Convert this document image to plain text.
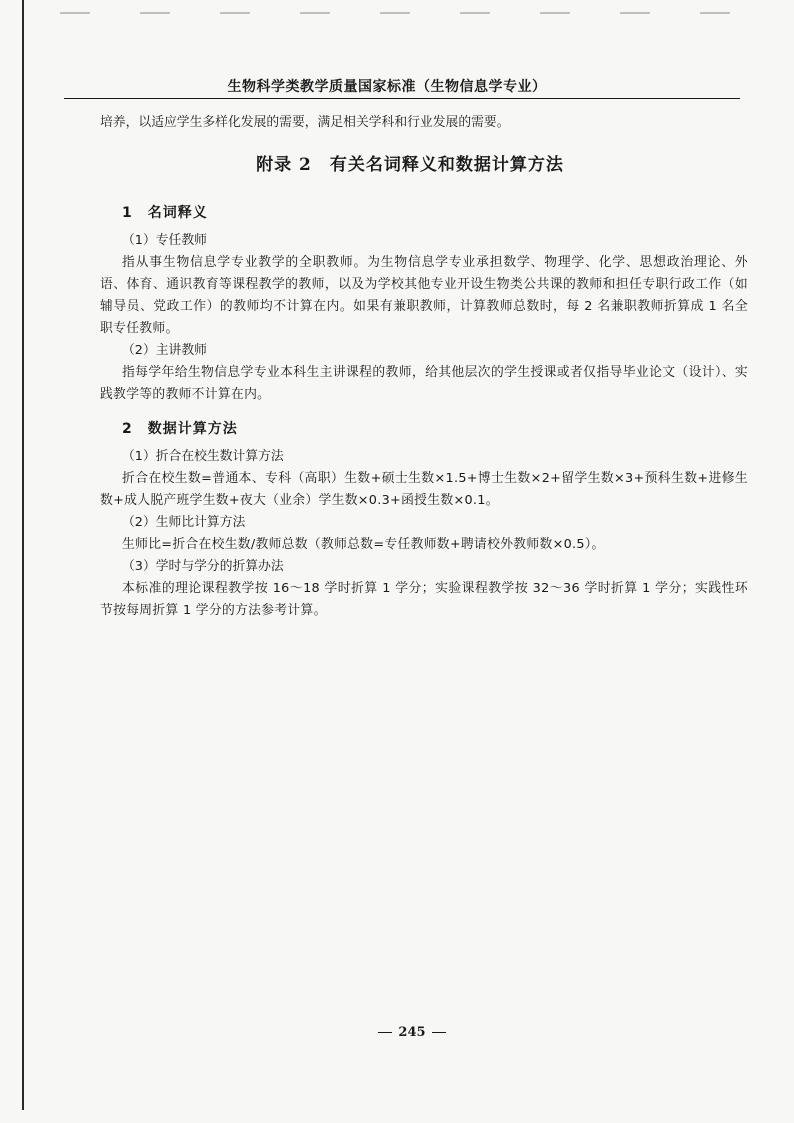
生物科学类教学质量国家标准（生物信息学专业）

培养，以适应学生多样化发展的需要，满足相关学科和行业发展的需要。

附录 2　有关名词释义和数据计算方法
1　名词释义

（1）专任教师

指从事生物信息学专业教学的全职教师。为生物信息学专业承担数学、物理学、化学、思想政治理论、外语、体育、通识教育等课程教学的教师，以及为学校其他专业开设生物类公共课的教师和担任专职行政工作（如辅导员、党政工作）的教师均不计算在内。如果有兼职教师，计算教师总数时，每 2 名兼职教师折算成 1 名全职专任教师。

（2）主讲教师

指每学年给生物信息学专业本科生主讲课程的教师，给其他层次的学生授课或者仅指导毕业论文（设计）、实践教学等的教师不计算在内。

2　数据计算方法

（1）折合在校生数计算方法

折合在校生数=普通本、专科（高职）生数+硕士生数×1.5+博士生数×2+留学生数×3+预科生数+进修生数+成人脱产班学生数+夜大（业余）学生数×0.3+函授生数×0.1。

（2）生师比计算方法

生师比=折合在校生数/教师总数（教师总数=专任教师数+聘请校外教师数×0.5）。

（3）学时与学分的折算办法

本标准的理论课程教学按 16～18 学时折算 1 学分；实验课程教学按 32～36 学时折算 1 学分；实践性环节按每周折算 1 学分的方法参考计算。

245
